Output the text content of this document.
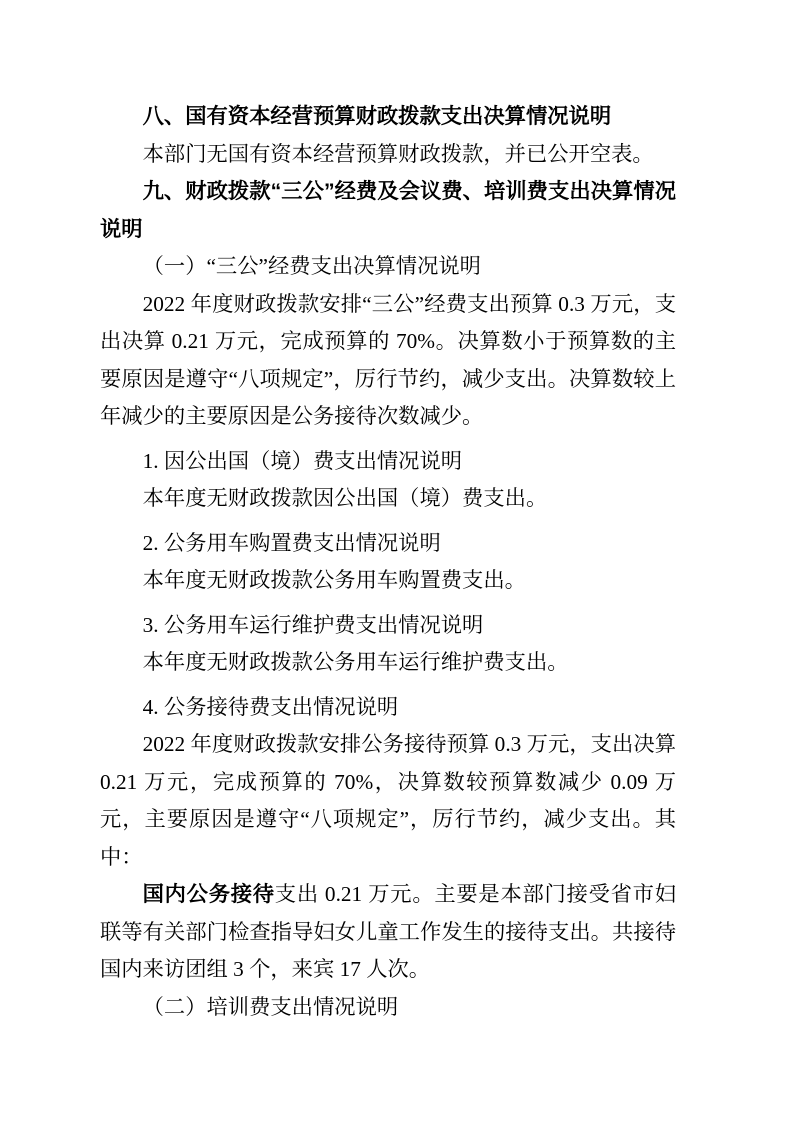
八、国有资本经营预算财政拨款支出决算情况说明

本部门无国有资本经营预算财政拨款，并已公开空表。

九、财政拨款“三公”经费及会议费、培训费支出决算情况说明

（一）“三公”经费支出决算情况说明

2022 年度财政拨款安排“三公”经费支出预算 0.3 万元，支出决算 0.21 万元，完成预算的 70%。决算数小于预算数的主要原因是遵守“八项规定”，厉行节约，减少支出。决算数较上年减少的主要原因是公务接待次数减少。

1. 因公出国（境）费支出情况说明

本年度无财政拨款因公出国（境）费支出。

2. 公务用车购置费支出情况说明

本年度无财政拨款公务用车购置费支出。

3. 公务用车运行维护费支出情况说明

本年度无财政拨款公务用车运行维护费支出。

4. 公务接待费支出情况说明

2022 年度财政拨款安排公务接待预算 0.3 万元，支出决算 0.21 万元，完成预算的 70%，决算数较预算数减少 0.09 万元，主要原因是遵守“八项规定”，厉行节约，减少支出。其中：

国内公务接待支出 0.21 万元。主要是本部门接受省市妇联等有关部门检查指导妇女儿童工作发生的接待支出。共接待国内来访团组 3 个，来宾 17 人次。

（二）培训费支出情况说明
